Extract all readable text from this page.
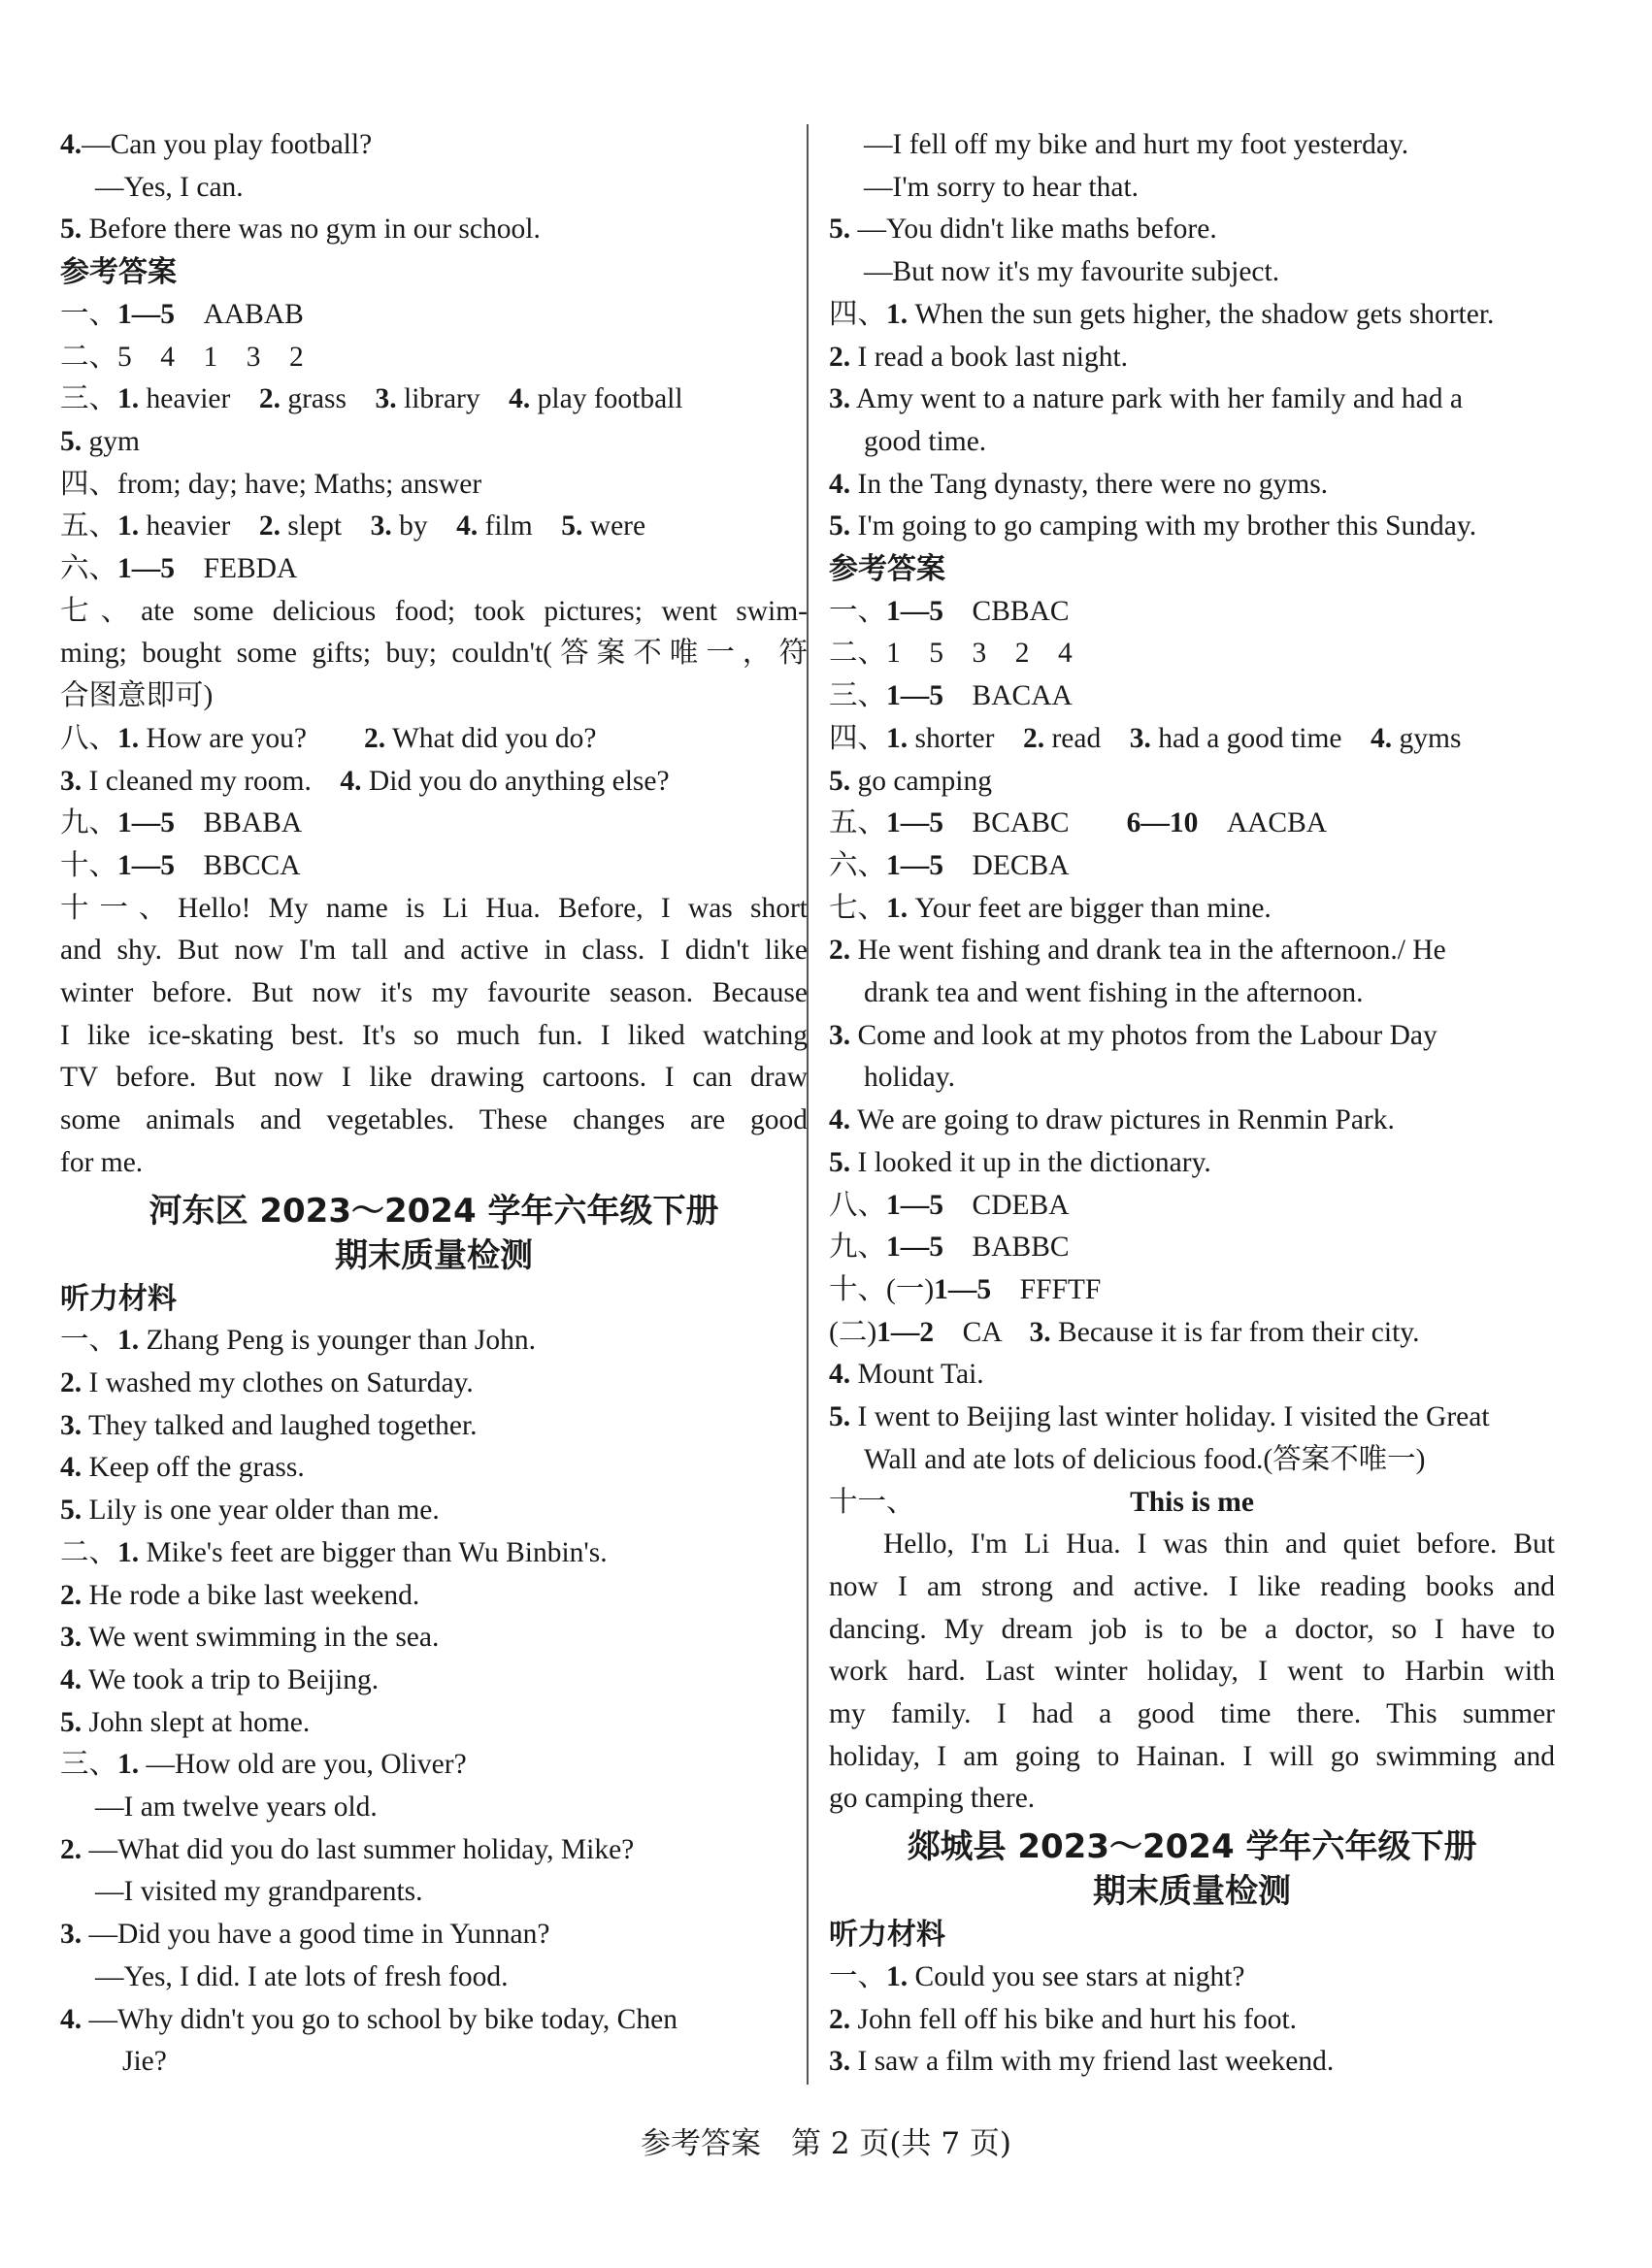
4.—Can you play football?
—Yes, I can.
5. Before there was no gym in our school.
参考答案
一、1—5　 AABAB
二、5　4　1　3　2
三、1. heavier　 2. grass　 3. library　 4. play football
5. gym
四、from; day; have; Maths; answer
五、1. heavier　 2. slept　 3. by　 4. film　 5. were
六、1—5　 FEBDA
七、ate some delicious food; took pictures; went swim-
ming; bought some gifts; buy; couldn't(答案不唯一，符
合图意即可)
八、1. How are you?　　 2. What did you do?
3. I cleaned my room.　 4. Did you do anything else?
九、1—5　 BBABA
十、1—5　 BBCCA
十一、Hello! My name is Li Hua. Before, I was short
and shy. But now I'm tall and active in class. I didn't like
winter before. But now it's my favourite season. Because
I like ice-skating best. It's so much fun. I liked watching
TV before. But now I like drawing cartoons. I can draw
some animals and vegetables. These changes are good
for me.
河东区 2023～2024 学年六年级下册
期末质量检测
听力材料
一、1. Zhang Peng is younger than John.
2. I washed my clothes on Saturday.
3. They talked and laughed together.
4. Keep off the grass.
5. Lily is one year older than me.
二、1. Mike's feet are bigger than Wu Binbin's.
2. He rode a bike last weekend.
3. We went swimming in the sea.
4. We took a trip to Beijing.
5. John slept at home.
三、1. —How old are you, Oliver?
—I am twelve years old.
2. —What did you do last summer holiday, Mike?
—I visited my grandparents.
3. —Did you have a good time in Yunnan?
—Yes, I did. I ate lots of fresh food.
4. —Why didn't you go to school by bike today, Chen
Jie?
—I fell off my bike and hurt my foot yesterday.
—I'm sorry to hear that.
5. —You didn't like maths before.
—But now it's my favourite subject.
四、1. When the sun gets higher, the shadow gets shorter.
2. I read a book last night.
3. Amy went to a nature park with her family and had a
good time.
4. In the Tang dynasty, there were no gyms.
5. I'm going to go camping with my brother this Sunday.
参考答案
一、1—5　 CBBAC
二、1　5　3　2　4
三、1—5　 BACAA
四、1. shorter　 2. read　 3. had a good time　 4. gyms
5. go camping
五、1—5　 BCABC　　 6—10　 AACBA
六、1—5　 DECBA
七、1. Your feet are bigger than mine.
2. He went fishing and drank tea in the afternoon./ He
drank tea and went fishing in the afternoon.
3. Come and look at my photos from the Labour Day
holiday.
4. We are going to draw pictures in Renmin Park.
5. I looked it up in the dictionary.
八、1—5　 CDEBA
九、1—5　 BABBC
十、(一)1—5　 FFFTF
(二)1—2　 CA　 3. Because it is far from their city.
4. Mount Tai.
5. I went to Beijing last winter holiday. I visited the Great
Wall and ate lots of delicious food.(答案不唯一)
十一、	This is me
Hello, I'm Li Hua. I was thin and quiet before. But
now I am strong and active. I like reading books and
dancing. My dream job is to be a doctor, so I have to
work hard. Last winter holiday, I went to Harbin with
my family. I had a good time there. This summer
holiday, I am going to Hainan. I will go swimming and
go camping there.
郯城县 2023～2024 学年六年级下册
期末质量检测
听力材料
一、1. Could you see stars at night?
2. John fell off his bike and hurt his foot.
3. I saw a film with my friend last weekend.
参考答案　第 2 页(共 7 页)
